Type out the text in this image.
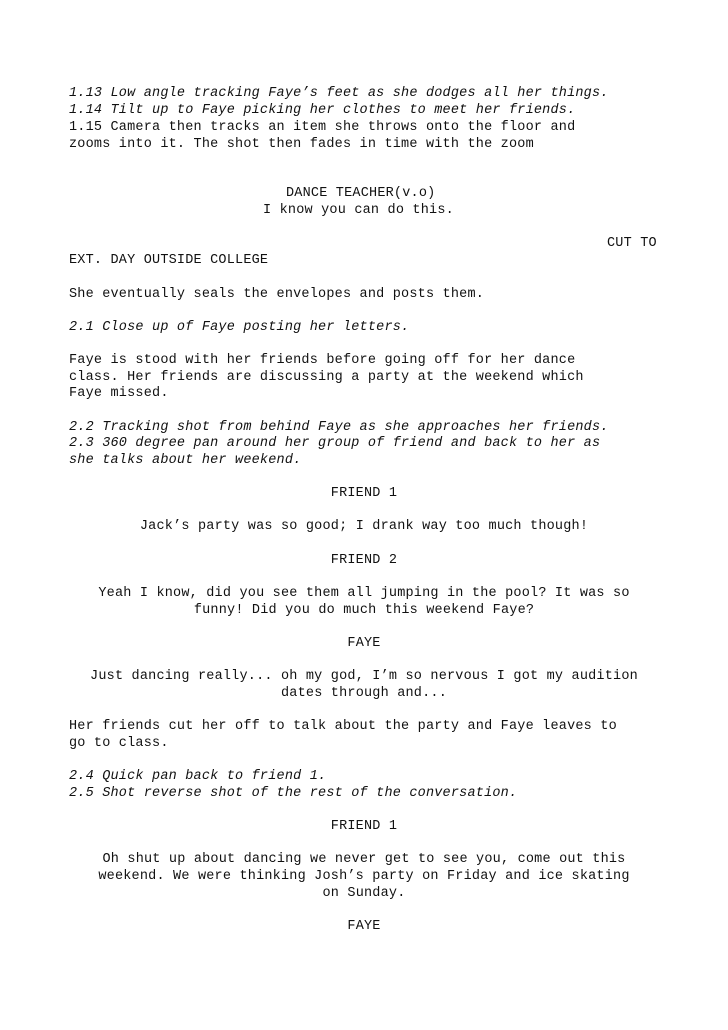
1.13 Low angle tracking Faye’s feet as she dodges all her things.

1.14 Tilt up to Faye picking her clothes to meet her friends.

1.15 Camera then tracks an item she throws onto the floor and

zooms into it. The shot then fades in time with the zoom

DANCE TEACHER(v.o)

I know you can do this.

CUT TO

EXT. DAY OUTSIDE COLLEGE

She eventually seals the envelopes and posts them.

2.1 Close up of Faye posting her letters.

Faye is stood with her friends before going off for her dance

class. Her friends are discussing a party at the weekend which

Faye missed.

2.2 Tracking shot from behind Faye as she approaches her friends.

2.3 360 degree pan around her group of friend and back to her as

she talks about her weekend.

FRIEND 1

Jack’s party was so good; I drank way too much though!

FRIEND 2

Yeah I know, did you see them all jumping in the pool? It was so

funny! Did you do much this weekend Faye?

FAYE

Just dancing really... oh my god, I’m so nervous I got my audition

dates through and...

Her friends cut her off to talk about the party and Faye leaves to

go to class.

2.4 Quick pan back to friend 1.

2.5 Shot reverse shot of the rest of the conversation.

FRIEND 1

Oh shut up about dancing we never get to see you, come out this

weekend. We were thinking Josh’s party on Friday and ice skating

on Sunday.

FAYE
